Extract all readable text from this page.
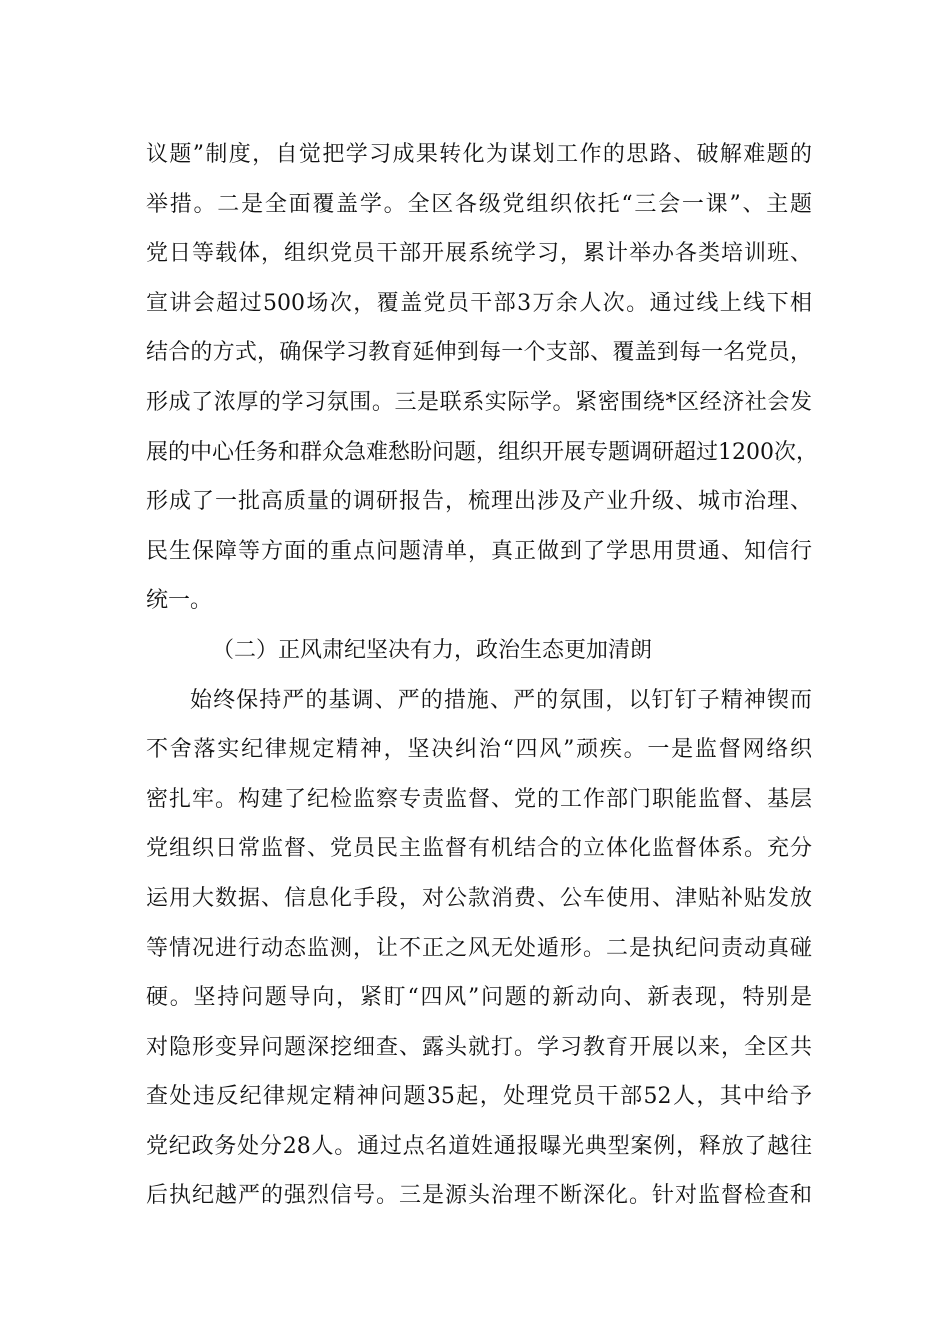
议题”制度，自觉把学习成果转化为谋划工作的思路、破解难题的
举措。二是全面覆盖学。全区各级党组织依托“三会一课”、主题
党日等载体，组织党员干部开展系统学习，累计举办各类培训班、
宣讲会超过500场次，覆盖党员干部3万余人次。通过线上线下相
结合的方式，确保学习教育延伸到每一个支部、覆盖到每一名党员，
形成了浓厚的学习氛围。三是联系实际学。紧密围绕*区经济社会发
展的中心任务和群众急难愁盼问题，组织开展专题调研超过1200次，
形成了一批高质量的调研报告，梳理出涉及产业升级、城市治理、
民生保障等方面的重点问题清单，真正做到了学思用贯通、知信行
统一。
（二）正风肃纪坚决有力，政治生态更加清朗
始终保持严的基调、严的措施、严的氛围，以钉钉子精神锲而
不舍落实纪律规定精神，坚决纠治“四风”顽疾。一是监督网络织
密扎牢。构建了纪检监察专责监督、党的工作部门职能监督、基层
党组织日常监督、党员民主监督有机结合的立体化监督体系。充分
运用大数据、信息化手段，对公款消费、公车使用、津贴补贴发放
等情况进行动态监测，让不正之风无处遁形。二是执纪问责动真碰
硬。坚持问题导向，紧盯“四风”问题的新动向、新表现，特别是
对隐形变异问题深挖细查、露头就打。学习教育开展以来，全区共
查处违反纪律规定精神问题35起，处理党员干部52人，其中给予
党纪政务处分28人。通过点名道姓通报曝光典型案例，释放了越往
后执纪越严的强烈信号。三是源头治理不断深化。针对监督检查和
